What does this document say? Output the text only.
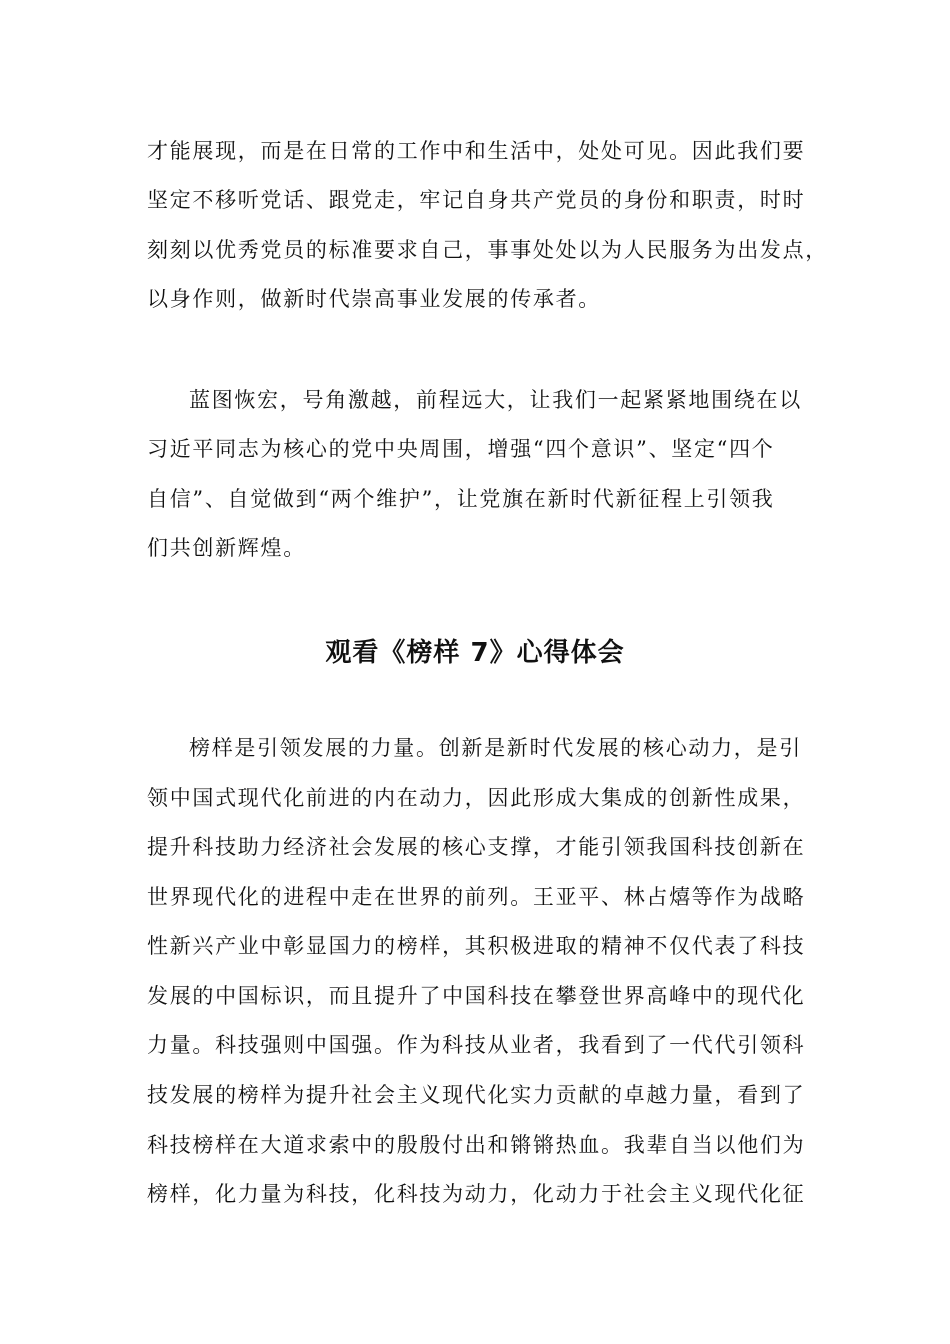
才能展现，而是在日常的工作中和生活中，处处可见。因此我们要
坚定不移听党话、跟党走，牢记自身共产党员的身份和职责，时时
刻刻以优秀党员的标准要求自己，事事处处以为人民服务为出发点，
以身作则，做新时代崇高事业发展的传承者。
蓝图恢宏，号角激越，前程远大，让我们一起紧紧地围绕在以
习近平同志为核心的党中央周围，增强“四个意识”、坚定“四个
自信”、自觉做到“两个维护”，让党旗在新时代新征程上引领我
们共创新辉煌。
观看《榜样 7》心得体会
榜样是引领发展的力量。创新是新时代发展的核心动力，是引
领中国式现代化前进的内在动力，因此形成大集成的创新性成果，
提升科技助力经济社会发展的核心支撑，才能引领我国科技创新在
世界现代化的进程中走在世界的前列。王亚平、林占熺等作为战略
性新兴产业中彰显国力的榜样，其积极进取的精神不仅代表了科技
发展的中国标识，而且提升了中国科技在攀登世界高峰中的现代化
力量。科技强则中国强。作为科技从业者，我看到了一代代引领科
技发展的榜样为提升社会主义现代化实力贡献的卓越力量，看到了
科技榜样在大道求索中的殷殷付出和锵锵热血。我辈自当以他们为
榜样，化力量为科技，化科技为动力，化动力于社会主义现代化征
